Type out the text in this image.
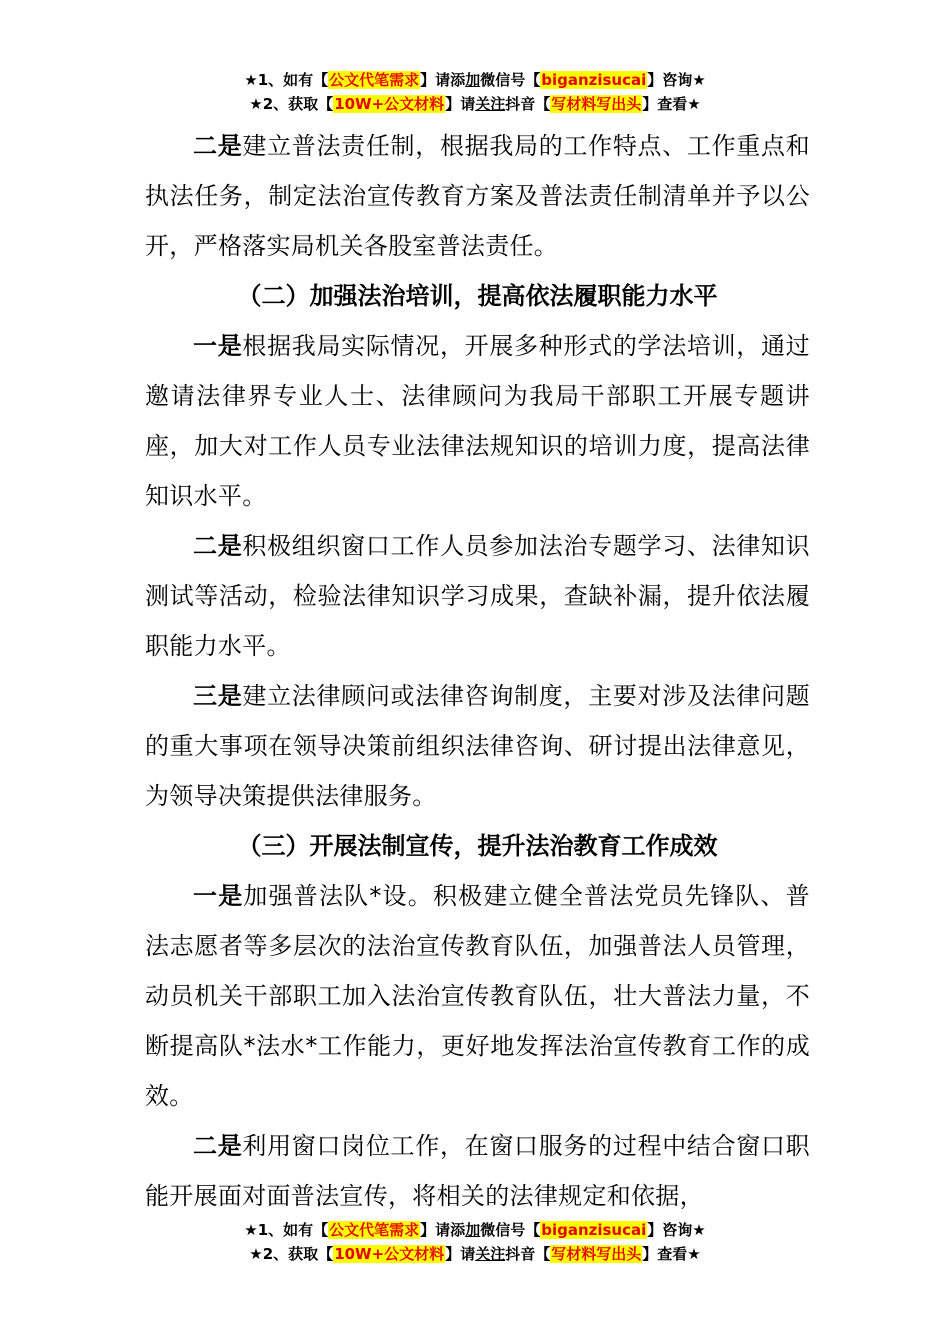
★1、如有【公文代笔需求】请添加微信号【biganzisucai】咨询★
★2、获取【10W+公文材料】请关注抖音【写材料写出头】查看★

二是建立普法责任制，根据我局的工作特点、工作重点和执法任务，制定法治宣传教育方案及普法责任制清单并予以公开，严格落实局机关各股室普法责任。

（二）加强法治培训，提高依法履职能力水平

一是根据我局实际情况，开展多种形式的学法培训，通过邀请法律界专业人士、法律顾问为我局干部职工开展专题讲座，加大对工作人员专业法律法规知识的培训力度，提高法律知识水平。

二是积极组织窗口工作人员参加法治专题学习、法律知识测试等活动，检验法律知识学习成果，查缺补漏，提升依法履职能力水平。

三是建立法律顾问或法律咨询制度，主要对涉及法律问题的重大事项在领导决策前组织法律咨询、研讨提出法律意见，为领导决策提供法律服务。

（三）开展法制宣传，提升法治教育工作成效

一是加强普法队*设。积极建立健全普法党员先锋队、普法志愿者等多层次的法治宣传教育队伍，加强普法人员管理，动员机关干部职工加入法治宣传教育队伍，壮大普法力量，不断提高队*法水*工作能力，更好地发挥法治宣传教育工作的成效。

二是利用窗口岗位工作，在窗口服务的过程中结合窗口职能开展面对面普法宣传，将相关的法律规定和依据，

★1、如有【公文代笔需求】请添加微信号【biganzisucai】咨询★
★2、获取【10W+公文材料】请关注抖音【写材料写出头】查看★
